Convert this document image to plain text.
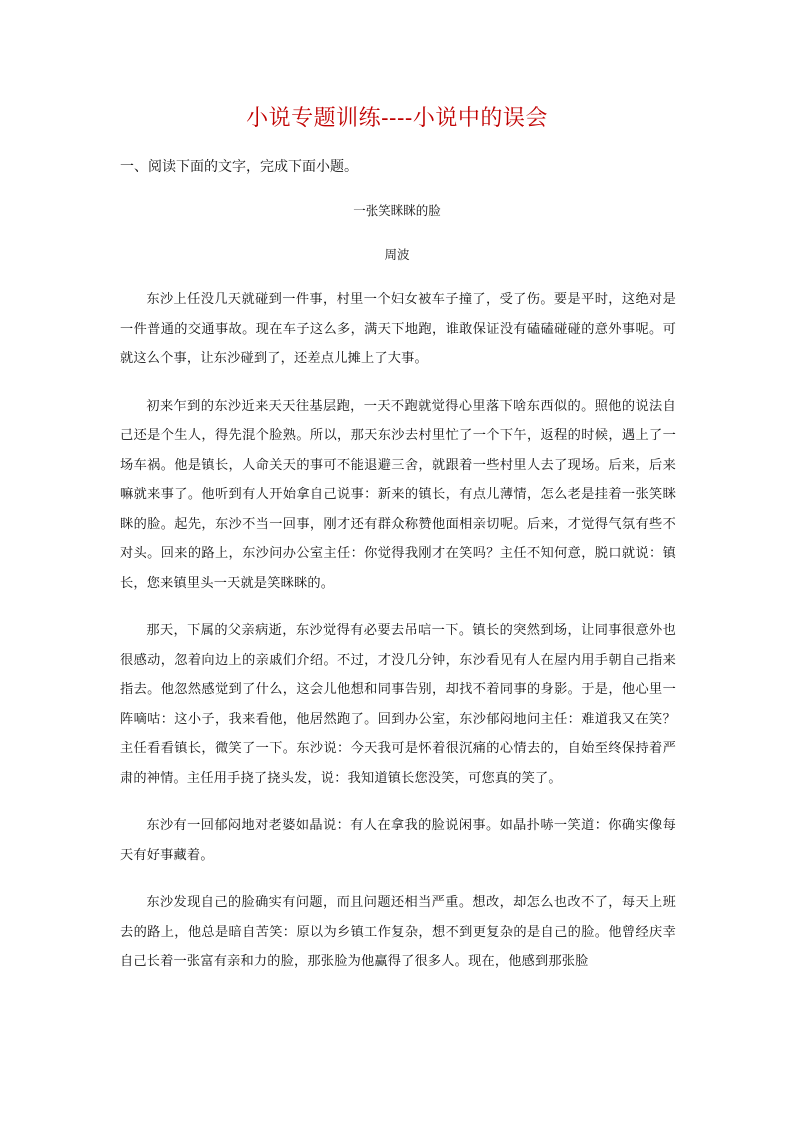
小说专题训练----小说中的误会
一、阅读下面的文字，完成下面小题。
一张笑眯眯的脸
周波

东沙上任没几天就碰到一件事，村里一个妇女被车子撞了，受了伤。要是平时，这绝对是一件普通的交通事故。现在车子这么多，满天下地跑，谁敢保证没有磕磕碰碰的意外事呢。可就这么个事，让东沙碰到了，还差点儿摊上了大事。

初来乍到的东沙近来天天往基层跑，一天不跑就觉得心里落下啥东西似的。照他的说法自己还是个生人，得先混个脸熟。所以，那天东沙去村里忙了一个下午，返程的时候，遇上了一场车祸。他是镇长，人命关天的事可不能退避三舍，就跟着一些村里人去了现场。后来，后来嘛就来事了。他听到有人开始拿自己说事：新来的镇长，有点儿薄情，怎么老是挂着一张笑眯眯的脸。起先，东沙不当一回事，刚才还有群众称赞他面相亲切呢。后来，才觉得气氛有些不对头。回来的路上，东沙问办公室主任：你觉得我刚才在笑吗？主任不知何意，脱口就说：镇长，您来镇里头一天就是笑眯眯的。

那天，下属的父亲病逝，东沙觉得有必要去吊唁一下。镇长的突然到场，让同事很意外也很感动，忽着向边上的亲戚们介绍。不过，才没几分钟，东沙看见有人在屋内用手朝自己指来指去。他忽然感觉到了什么，这会儿他想和同事告别，却找不着同事的身影。于是，他心里一阵嘀咕：这小子，我来看他，他居然跑了。回到办公室，东沙郁闷地问主任：难道我又在笑？主任看看镇长，微笑了一下。东沙说：今天我可是怀着很沉痛的心情去的，自始至终保持着严肃的神情。主任用手挠了挠头发，说：我知道镇长您没笑，可您真的笑了。

东沙有一回郁闷地对老婆如晶说：有人在拿我的脸说闲事。如晶扑哧一笑道：你确实像每天有好事藏着。

东沙发现自己的脸确实有问题，而且问题还相当严重。想改，却怎么也改不了，每天上班去的路上，他总是暗自苦笑：原以为乡镇工作复杂，想不到更复杂的是自己的脸。他曾经庆幸自己长着一张富有亲和力的脸，那张脸为他赢得了很多人。现在，他感到那张脸
